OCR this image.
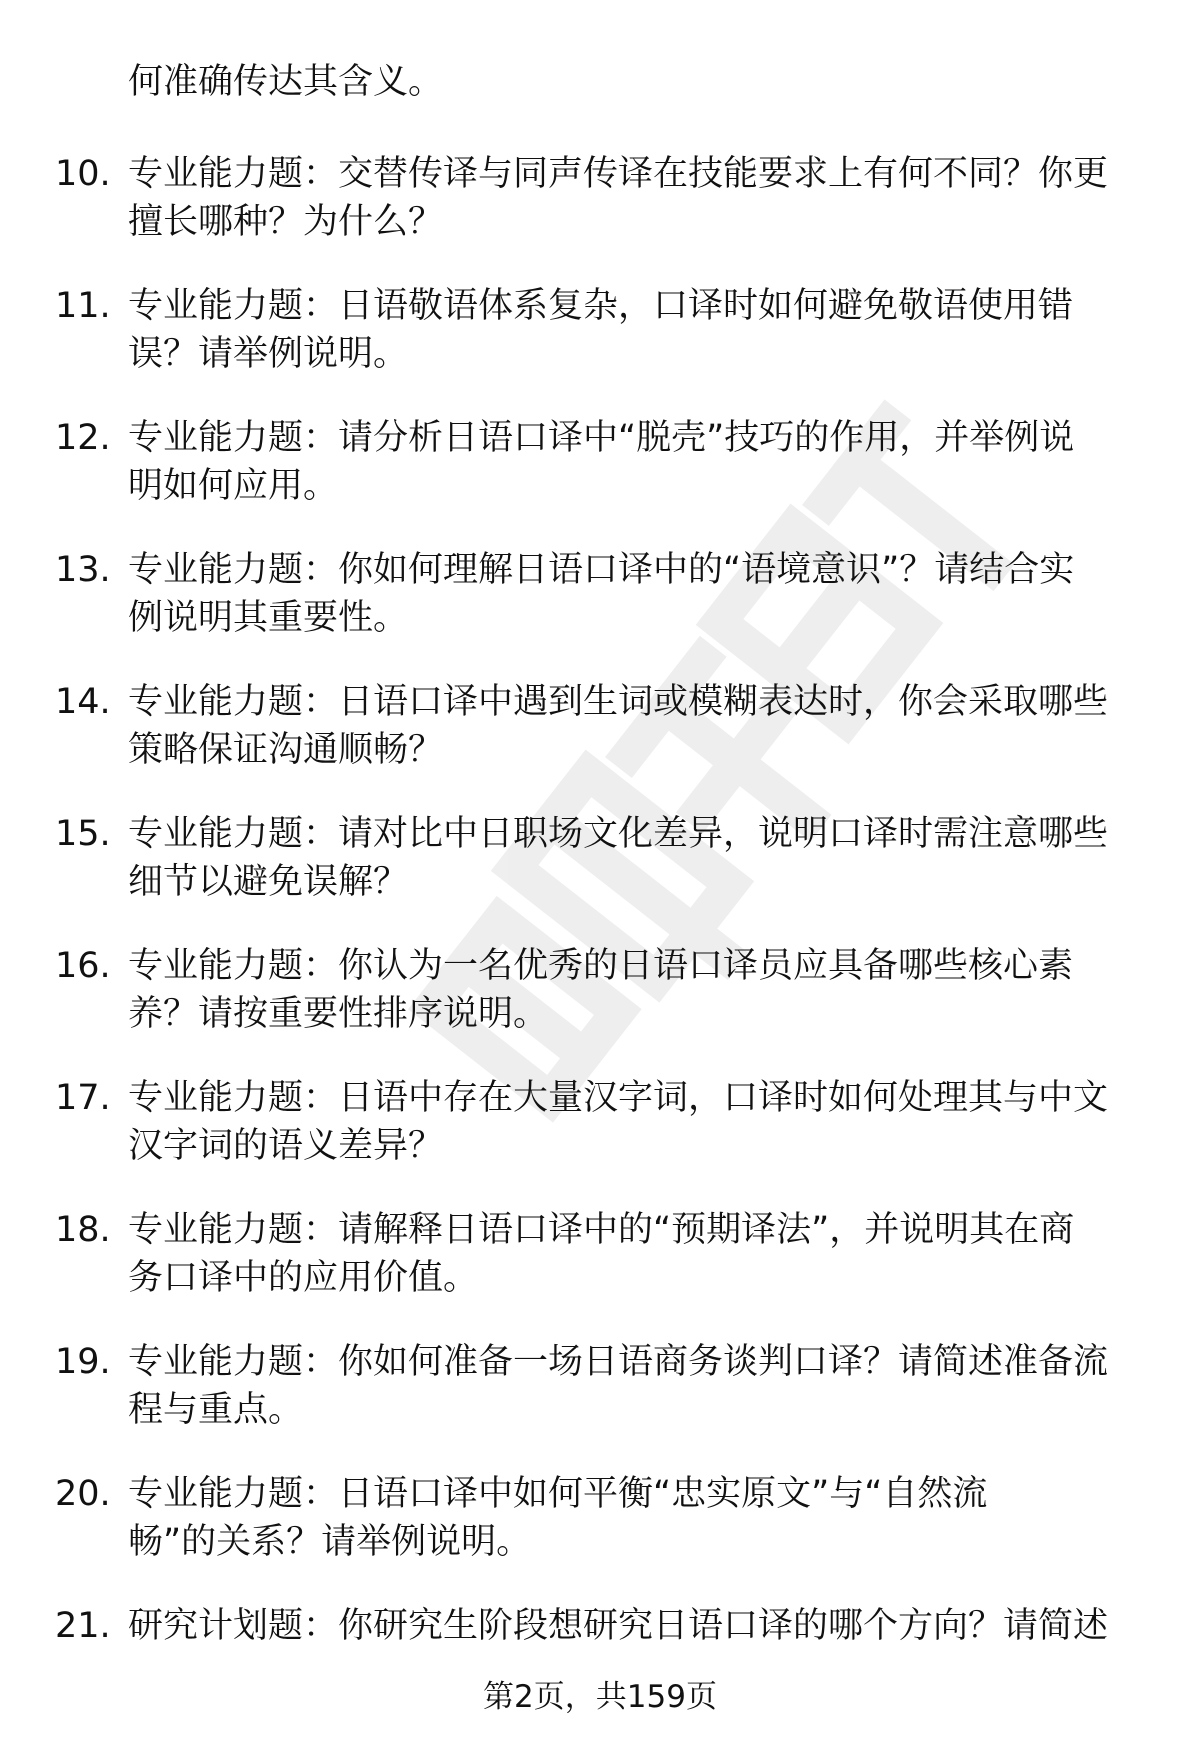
何准确传达其含义。
10. 专业能力题：交替传译与同声传译在技能要求上有何不同？你更
擅长哪种？为什么？
11. 专业能力题：日语敬语体系复杂，口译时如何避免敬语使用错
误？请举例说明。
12. 专业能力题：请分析日语口译中“脱壳”技巧的作用，并举例说
明如何应用。
13. 专业能力题：你如何理解日语口译中的“语境意识”？请结合实
例说明其重要性。
14. 专业能力题：日语口译中遇到生词或模糊表达时，你会采取哪些
策略保证沟通顺畅？
15. 专业能力题：请对比中日职场文化差异，说明口译时需注意哪些
细节以避免误解？
16. 专业能力题：你认为一名优秀的日语口译员应具备哪些核心素
养？请按重要性排序说明。
17. 专业能力题：日语中存在大量汉字词，口译时如何处理其与中文
汉字词的语义差异？
18. 专业能力题：请解释日语口译中的“预期译法”，并说明其在商
务口译中的应用价值。
19. 专业能力题：你如何准备一场日语商务谈判口译？请简述准备流
程与重点。
20. 专业能力题：日语口译中如何平衡“忠实原文”与“自然流
畅”的关系？请举例说明。
21. 研究计划题：你研究生阶段想研究日语口译的哪个方向？请简述
第2页，共159页
